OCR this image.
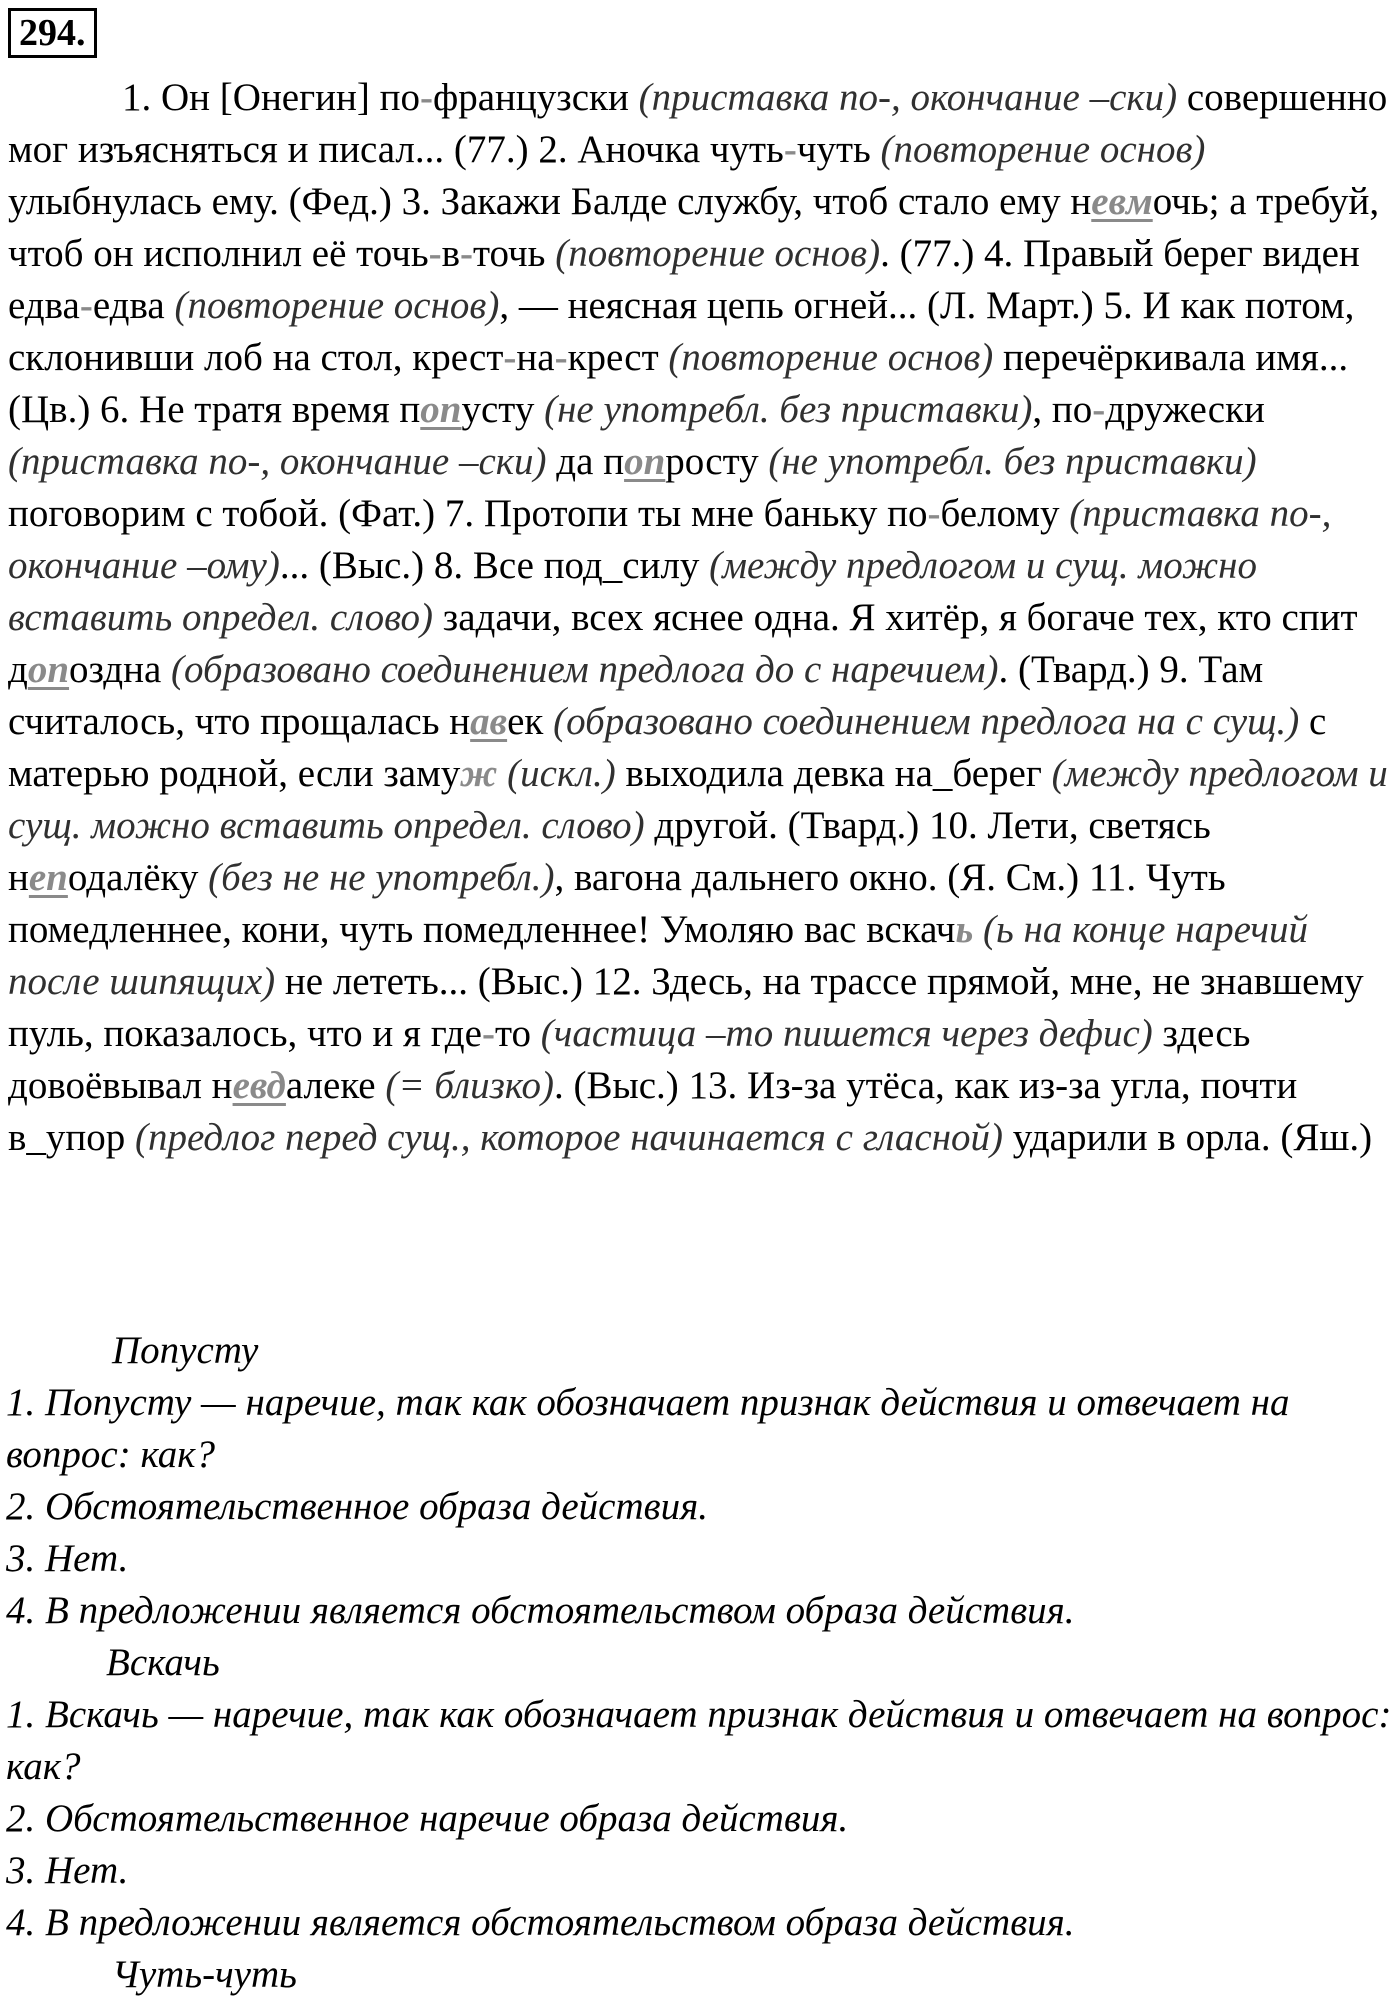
294.
1. Он [Онегин] по-французски (приставка по-, окончание –ски) совершенно мог изъясняться и писал... (77.) 2. Аночка чуть-чуть (повторение основ) улыбнулась ему. (Фед.) 3. Закажи Балде службу, чтоб стало ему невмочь; а требуй, чтоб он исполнил её точь-в-точь (повторение основ). (77.) 4. Правый берег виден едва-едва (повторение основ), — неясная цепь огней... (Л. Март.) 5. И как потом, склонивши лоб на стол, крест-на-крест (повторение основ) перечёркивала имя... (Цв.) 6. Не тратя время попусту (не употребл. без приставки), по-дружески (приставка по-, окончание –ски) да попросту (не употребл. без приставки) поговорим с тобой. (Фат.) 7. Протопи ты мне баньку по-белому (приставка по-, окончание –ому)... (Выс.) 8. Все под_силу (между предлогом и сущ. можно вставить определ. слово) задачи, всех яснее одна. Я хитёр, я богаче тех, кто спит допоздна (образовано соединением предлога до с наречием). (Твард.) 9. Там считалось, что прощалась навек (образовано соединением предлога на с сущ.) с матерью родной, если замуж (искл.) выходила девка на_берег (между предлогом и сущ. можно вставить определ. слово) другой. (Твард.) 10. Лети, светясь неподалёку (без не не употребл.), вагона дальнего окно. (Я. См.) 11. Чуть помедленнее, кони, чуть помедленнее! Умоляю вас вскачь (ь на конце наречий после шипящих) не лететь... (Выс.) 12. Здесь, на трассе прямой, мне, не знавшему пуль, показалось, что и я где-то (частица –то пишется через дефис) здесь довоёвывал невдалеке (= близко). (Выс.) 13. Из-за утёса, как из-за угла, почти в_упор (предлог перед сущ., которое начинается с гласной) ударили в орла. (Яш.)
Попусту
1. Попусту — наречие, так как обозначает признак действия и отвечает на вопрос: как?
2. Обстоятельственное образа действия.
3. Нет.
4. В предложении является обстоятельством образа действия.
Вскачь
1. Вскачь — наречие, так как обозначает признак действия и отвечает на вопрос: как?
2. Обстоятельственное наречие образа действия.
3. Нет.
4. В предложении является обстоятельством образа действия.
Чуть-чуть
